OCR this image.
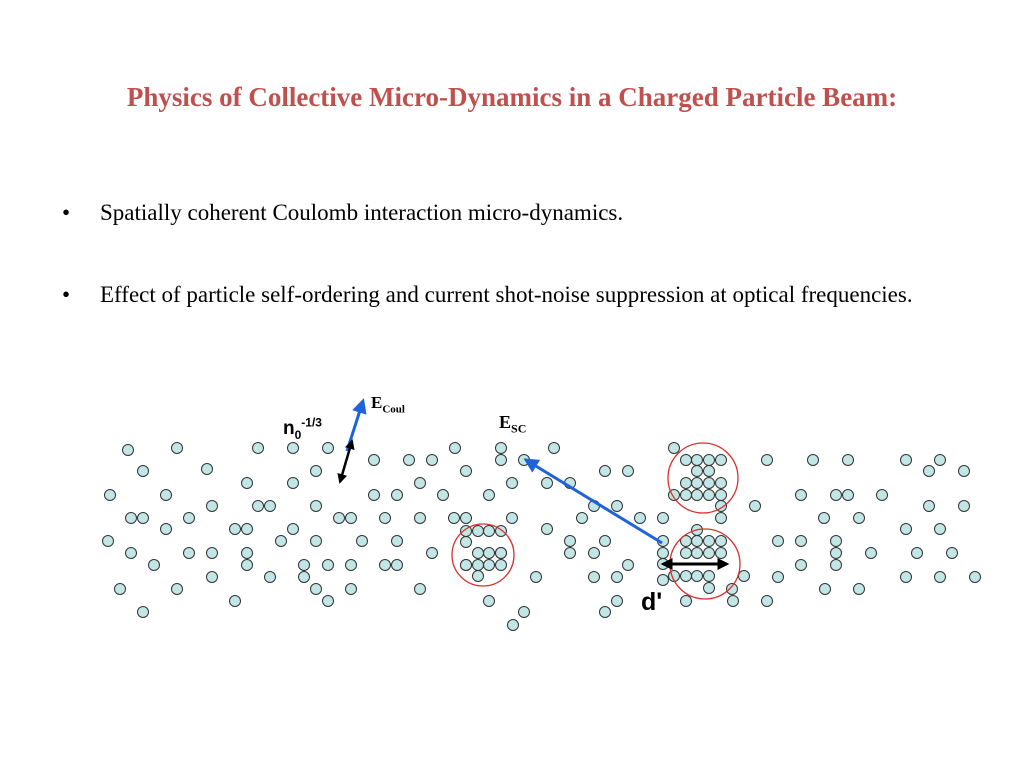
Physics of Collective Micro-Dynamics in a Charged Particle Beam:
•	Spatially coherent Coulomb interaction micro-dynamics.
•	Effect of particle self-ordering and current shot-noise suppression at optical frequencies.
$E_{Coul}$
$n_0^{-1/3}$	$E_{SC}$
d'
